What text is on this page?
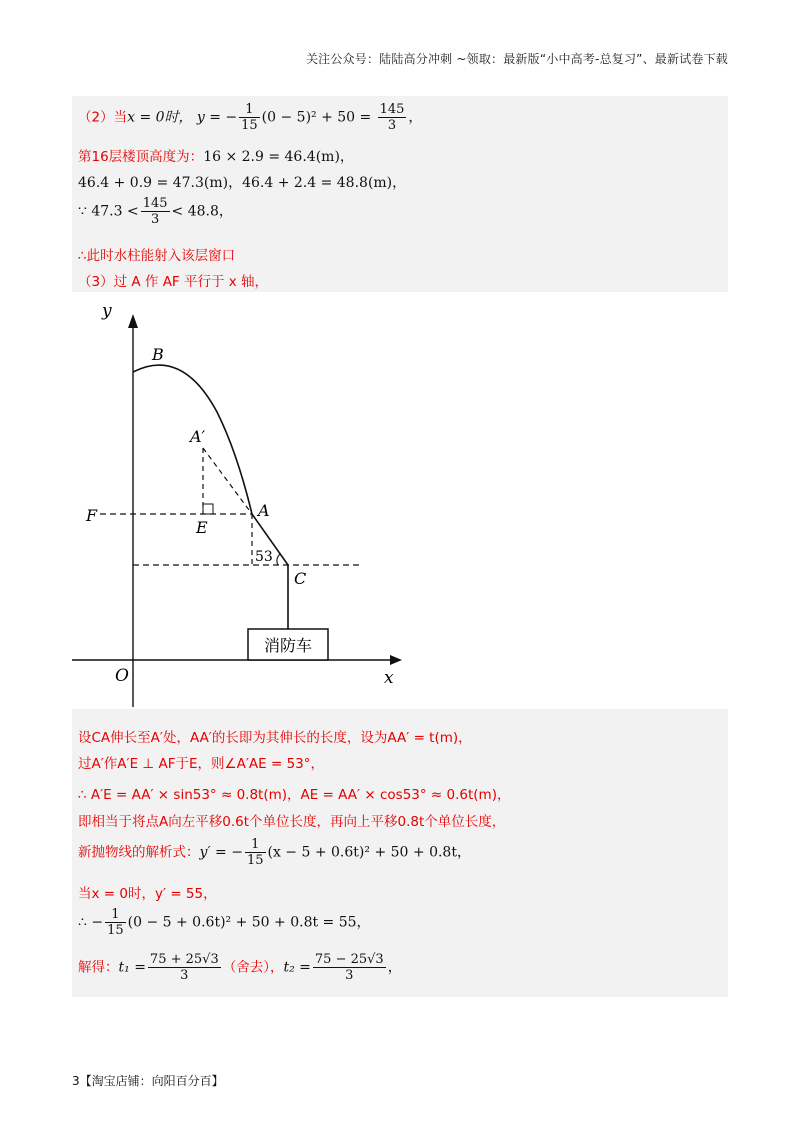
关注公众号：陆陆高分冲刺 ~领取：最新版“小中高考-总复习”、最新试卷下载
（2）当x = 0时， y = − $\frac{1}{15} (0 - 5)^2 + 50 = \frac{145}{3}$ ，
第16层楼顶高度为：16 × 2.9 = 46.4(m)，
46.4 + 0.9 = 47.3(m)，46.4 + 2.4 = 48.8(m)，
∵ $47.3 < \frac{145}{3} < 48.8$，
∴此时水柱能射入该层窗口
（3）过 A 作 AF 平行于 x 轴，
y
x
O
B
F	A
A′
E
53
C
消防车
设CA伸长至A′处，AA′的长即为其伸长的长度，设为AA′ = t(m)，
过A′作A′E ⊥ AF于E，则∠A′AE = 53°，
∴ A′E = AA′ × sin53° ≈ 0.8t(m)，AE = AA′ × cos53° ≈ 0.6t(m)，
即相当于将点A向左平移0.6t个单位长度，再向上平移0.8t个单位长度，
新抛物线的解析式：y′ = − $\frac{1}{15} (x - 5 + 0.6t)^2 + 50 + 0.8t$，
当x = 0时，y′ = 55，
∴ − $\frac{1}{15} (0 - 5 + 0.6t)^2 + 50 + 0.8t = 55$，
解得：$t_1 = \frac{75 + 25√3}{3}$ （舍去），$t_2 = \frac{75 - 25√3}{3}$ ，
3【淘宝店铺：向阳百分百】
